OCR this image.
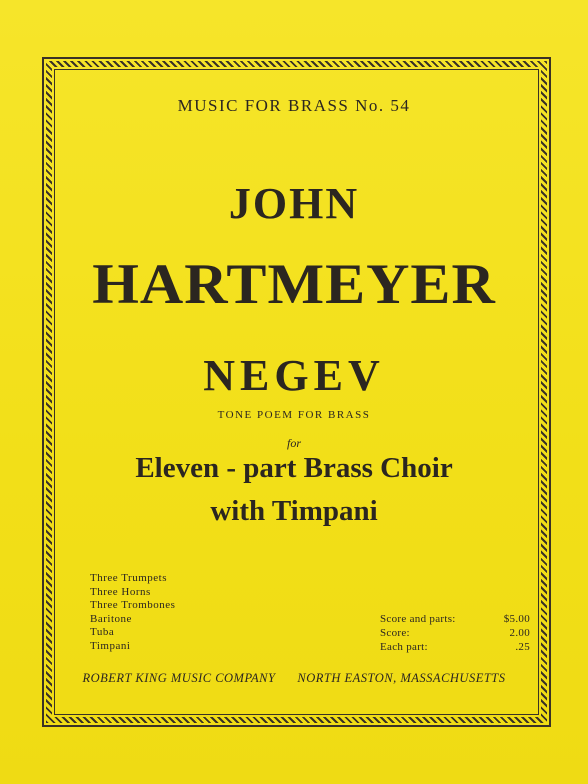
MUSIC FOR BRASS No. 54
JOHN
HARTMEYER
NEGEV
TONE POEM FOR BRASS
for
Eleven - part Brass Choir
with Timpani
Three Trumpets
Three Horns
Three Trombones
Baritone
Tuba
Timpani
Score and parts:	$5.00
Score:	2.00
Each part:	.25
ROBERT KING MUSIC COMPANY NORTH EASTON, MASSACHUSETTS
